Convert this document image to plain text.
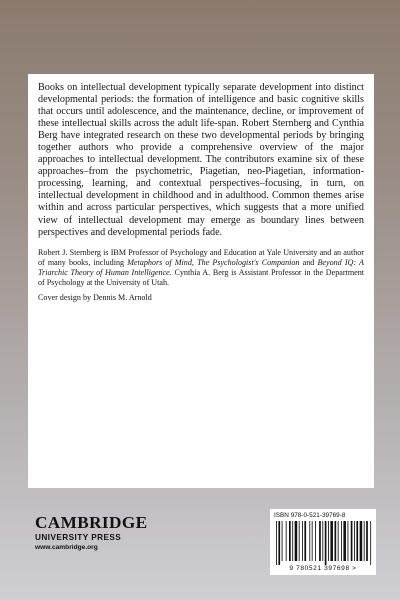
Books on intellectual development typically separate development into distinct developmental periods: the formation of intelligence and basic cognitive skills that occurs until adolescence, and the maintenance, decline, or improvement of these intellectual skills across the adult life-span. Robert Sternberg and Cynthia Berg have integrated research on these two developmental periods by bringing together authors who provide a comprehensive overview of the major approaches to intellectual development. The contributors examine six of these approaches–from the psychometric, Piagetian, neo-Piagetian, information-processing, learning, and contextual perspectives–focusing, in turn, on intellectual development in childhood and in adulthood. Common themes arise within and across particular perspectives, which suggests that a more unified view of intellectual development may emerge as boundary lines between perspectives and developmental periods fade.

Robert J. Sternberg is IBM Professor of Psychology and Education at Yale University and an author of many books, including Metaphors of Mind, The Psychologist's Companion and Beyond IQ: A Triarchic Theory of Human Intelligence. Cynthia A. Berg is Assistant Professor in the Department of Psychology at the University of Utah.

Cover design by Dennis M. Arnold

CAMBRIDGE
UNIVERSITY PRESS
www.cambridge.org
ISBN 978-0-521-39769-8
9 780521 397698 >
